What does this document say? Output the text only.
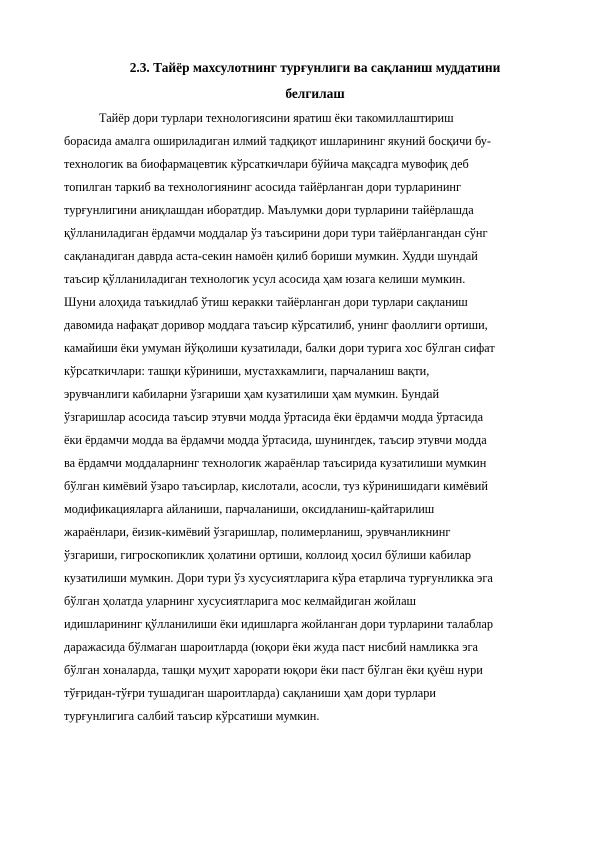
2.3. Тайёр махсулотнинг турғунлиги ва сақланиш муддатини
белгилаш
Тайёр дори турлари технологиясини яратиш ёки такомиллаштириш
борасида амалга ошириладиган илмий тадқиқот ишларининг якуний босқичи бу-
технологик ва биофармацевтик кўрсаткичлари бўйича мақсадга мувофиқ деб
топилган таркиб ва технологиянинг асосида тайёрланган дори турларининг
турғунлигини аниқлашдан иборатдир. Маълумки дори турларини тайёрлашда
қўлланиладиган ёрдамчи моддалар ўз таъсирини дори тури тайёрлангандан сўнг
сақланадиган даврда аста-секин намоён қилиб бориши мумкин. Худди шундай
таъсир қўлланиладиган технологик усул асосида ҳам юзага келиши мумкин.
Шуни алоҳида таъкидлаб ўтиш керакки тайёрланган дори турлари сақланиш
давомида нафақат доривор моддага таъсир кўрсатилиб, унинг фаоллиги ортиши,
камайиши ёки умуман йўқолиши кузатилади, балки дори турига хос бўлган сифат
кўрсаткичлари: ташқи кўриниши, мустахкамлиги, парчаланиш вақти,
эрувчанлиги кабиларни ўзгариши ҳам кузатилиши ҳам мумкин. Бундай
ўзгаришлар асосида таъсир этувчи модда ўртасида ёки ёрдамчи модда ўртасида
ёки ёрдамчи модда ва ёрдамчи модда ўртасида, шунингдек, таъсир этувчи модда
ва ёрдамчи моддаларнинг технологик жараёнлар таъсирида кузатилиши мумкин
бўлган кимёвий ўзаро таъсирлар, кислотали, асосли, туз кўринишидаги кимёвий
модификацияларга айланиши, парчаланиши, оксидланиш-қайтарилиш
жараёнлари, ёизик-кимёвий ўзгаришлар, полимерланиш, эрувчанликнинг
ўзгариши, гигроскопиклик ҳолатини ортиши, коллоид ҳосил бўлиши кабилар
кузатилиши мумкин. Дори тури ўз хусусиятларига кўра етарлича турғунликка эга
бўлган ҳолатда уларнинг хусусиятларига мос келмайдиган жойлаш
идишларининг қўлланилиши ёки идишларга жойланган дори турларини талаблар
даражасида бўлмаган шароитларда (юқори ёки жуда паст нисбий намликка эга
бўлган хоналарда, ташқи муҳит харорати юқори ёки паст бўлган ёки қуёш нури
тўғридан-тўғри тушадиган шароитларда) сақланиши ҳам дори турлари
турғунлигига салбий таъсир кўрсатиши мумкин.
